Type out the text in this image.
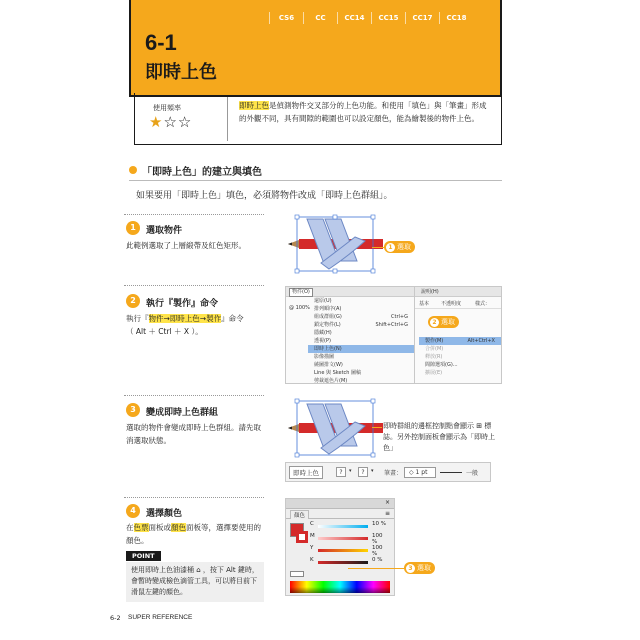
CS6	CC	CC14	CC15	CC17	CC18
6-1
即時上色
使用頻率
★☆☆
即時上色是偵測物件交叉部分的上色功能。和使用「填色」與「筆畫」形成的外觀不同，具有間隙的範圍也可以設定顏色，能為繪製後的物件上色。
「即時上色」的建立與填色
如果要用「即時上色」填色，必須將物件改成「即時上色群組」。
1	選取物件
此範例選取了上層緞帶及紅色矩形。	1 選取
2	執行『製作』命令
執行『物件→即時上色→製作』命令
（ Alt ＋ Ctrl ＋ X ）。
物件(O)
@ 100%
還原(U)
排列順序(A)
組成群組(G)	Ctrl+G
鎖定物件(L)	Shift+Ctrl+G
隱藏(H)
透視(P)
即時上色(N)
影像描圖
繞圖排文(W)
Line 與 Sketch 圖稿
剪裁遮色片(M)
說明(H)
基本 不透明度	樣式：
製作(M)	Alt+Ctrl+X
合併(M)
釋放(R)
間隙選項(G)...
擴展(E)
2 選取
3	變成即時上色群組
選取的物件會變成即時上色群組。請先取消選取狀態。
即時群組的邊框控制點會顯示 ⊞ 標誌。另外控制面板會顯示為「即時上色」
即時上色	?	▾	?	▾ 筆畫：	◇ 1 pt	一般
4	選擇顏色
在色票面板或顏色面板等，選擇要使用的顏色。
POINT
使用即時上色油漆桶 ⌂ ，按下 Alt 鍵時，會暫時變成檢色滴管工具，可以將目前下滑鼠左鍵的顏色。
×
顏色	≡
C	10 %
M	100 %
Y	100 %
K	0 %
3 選取
6-2 SUPER REFERENCE
